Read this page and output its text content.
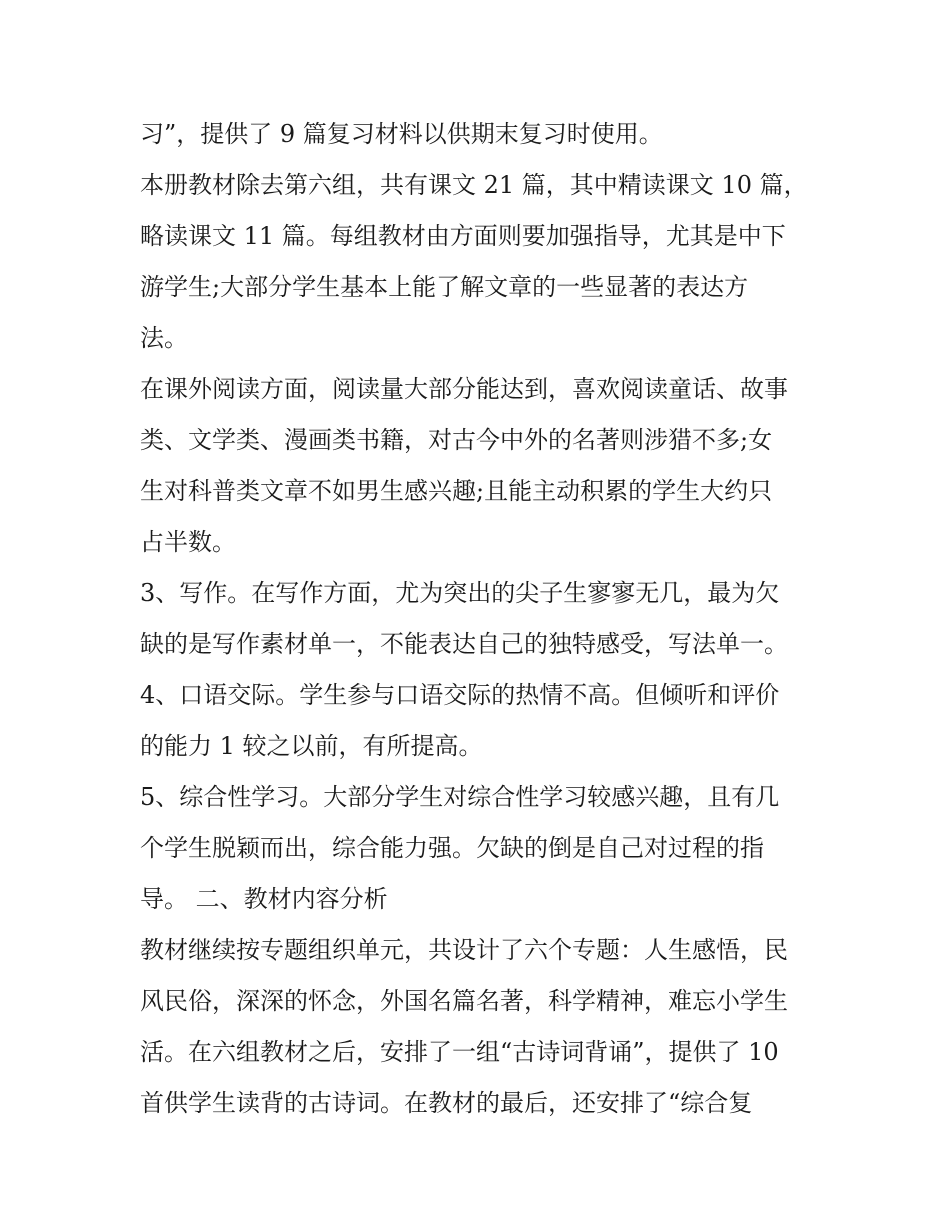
习”，提供了 9 篇复习材料以供期末复习时使用。
本册教材除去第六组，共有课文 21 篇，其中精读课文 10 篇，
略读课文 11 篇。每组教材由方面则要加强指导，尤其是中下
游学生;大部分学生基本上能了解文章的一些显著的表达方
法。
在课外阅读方面，阅读量大部分能达到，喜欢阅读童话、故事
类、文学类、漫画类书籍，对古今中外的名著则涉猎不多;女
生对科普类文章不如男生感兴趣;且能主动积累的学生大约只
占半数。
3、写作。在写作方面，尤为突出的尖子生寥寥无几，最为欠
缺的是写作素材单一，不能表达自己的独特感受，写法单一。
4、口语交际。学生参与口语交际的热情不高。但倾听和评价
的能力 1 较之以前，有所提高。
5、综合性学习。大部分学生对综合性学习较感兴趣，且有几
个学生脱颖而出，综合能力强。欠缺的倒是自己对过程的指
导。 二、教材内容分析
教材继续按专题组织单元，共设计了六个专题：人生感悟，民
风民俗，深深的怀念，外国名篇名著，科学精神，难忘小学生
活。在六组教材之后，安排了一组“古诗词背诵”，提供了 10
首供学生读背的古诗词。在教材的最后，还安排了“综合复
